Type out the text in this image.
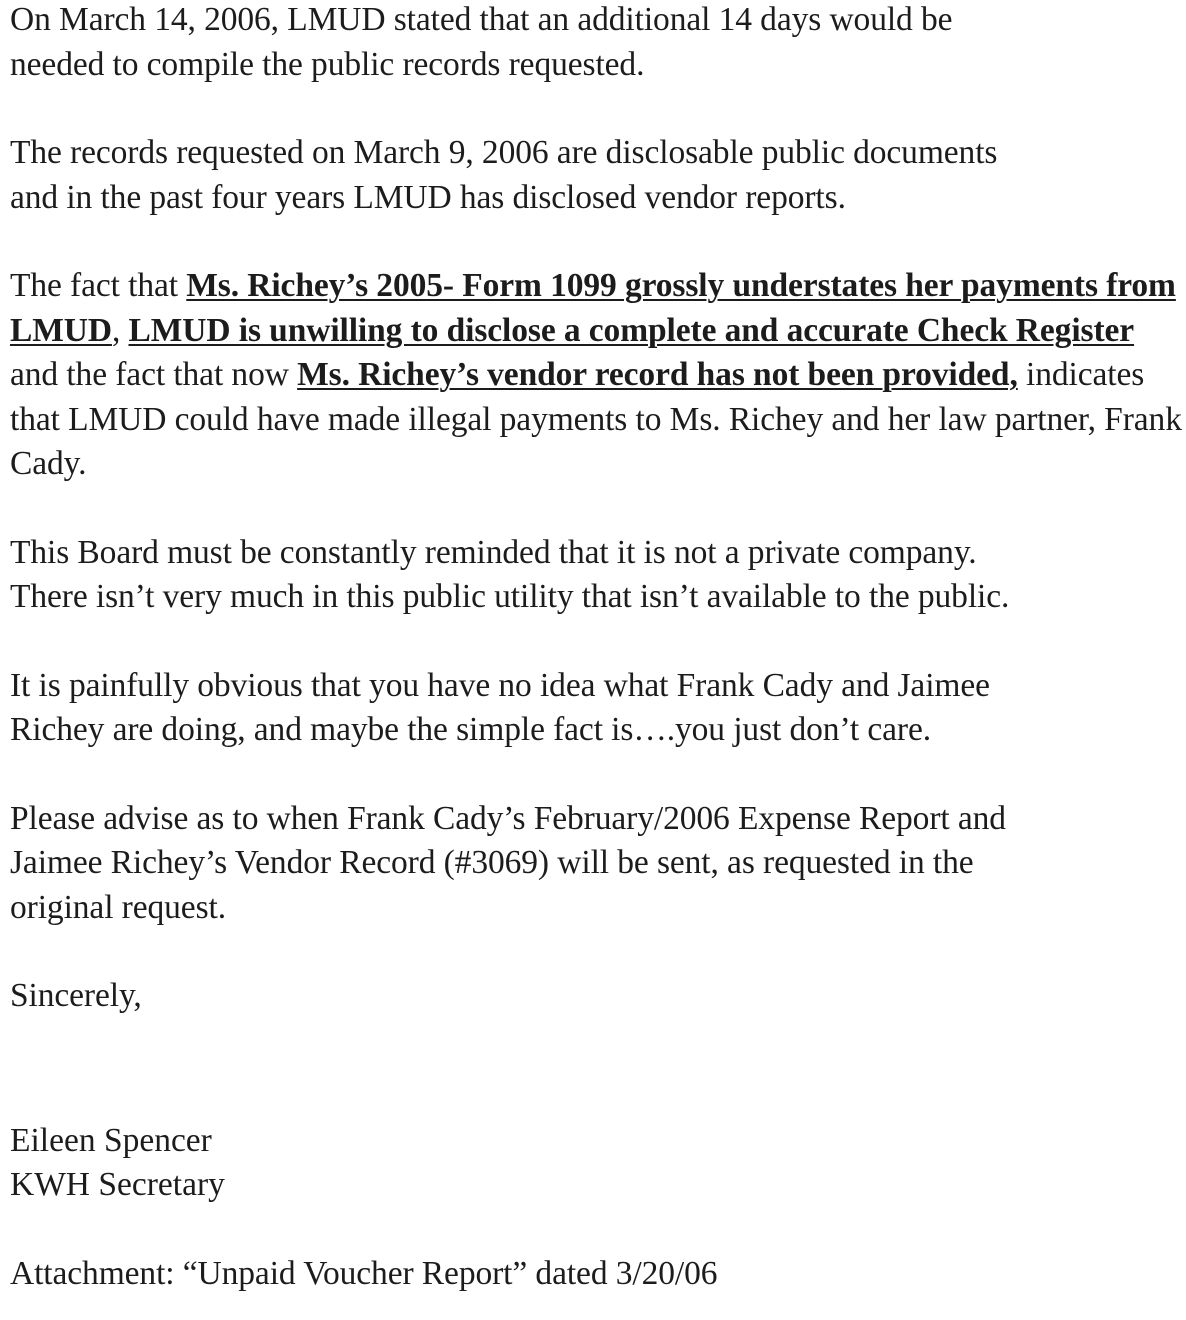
On March 14, 2006, LMUD stated that an additional 14 days would be
needed to compile the public records requested.

The records requested on March 9, 2006 are disclosable public documents
and in the past four years LMUD has disclosed vendor reports.

The fact that Ms. Richey’s 2005- Form 1099 grossly understates her payments from LMUD, LMUD is unwilling to disclose a complete and accurate Check Register and the fact that now Ms. Richey’s vendor record has not been provided, indicates that LMUD could have made illegal payments to Ms. Richey and her law partner, Frank Cady.

This Board must be constantly reminded that it is not a private company.
There isn’t very much in this public utility that isn’t available to the public.

It is painfully obvious that you have no idea what Frank Cady and Jaimee
Richey are doing, and maybe the simple fact is….you just don’t care.

Please advise as to when Frank Cady’s February/2006 Expense Report and
Jaimee Richey’s Vendor Record (#3069) will be sent, as requested in the
original request.

Sincerely,

Eileen Spencer

KWH Secretary

Attachment: “Unpaid Voucher Report” dated 3/20/06
